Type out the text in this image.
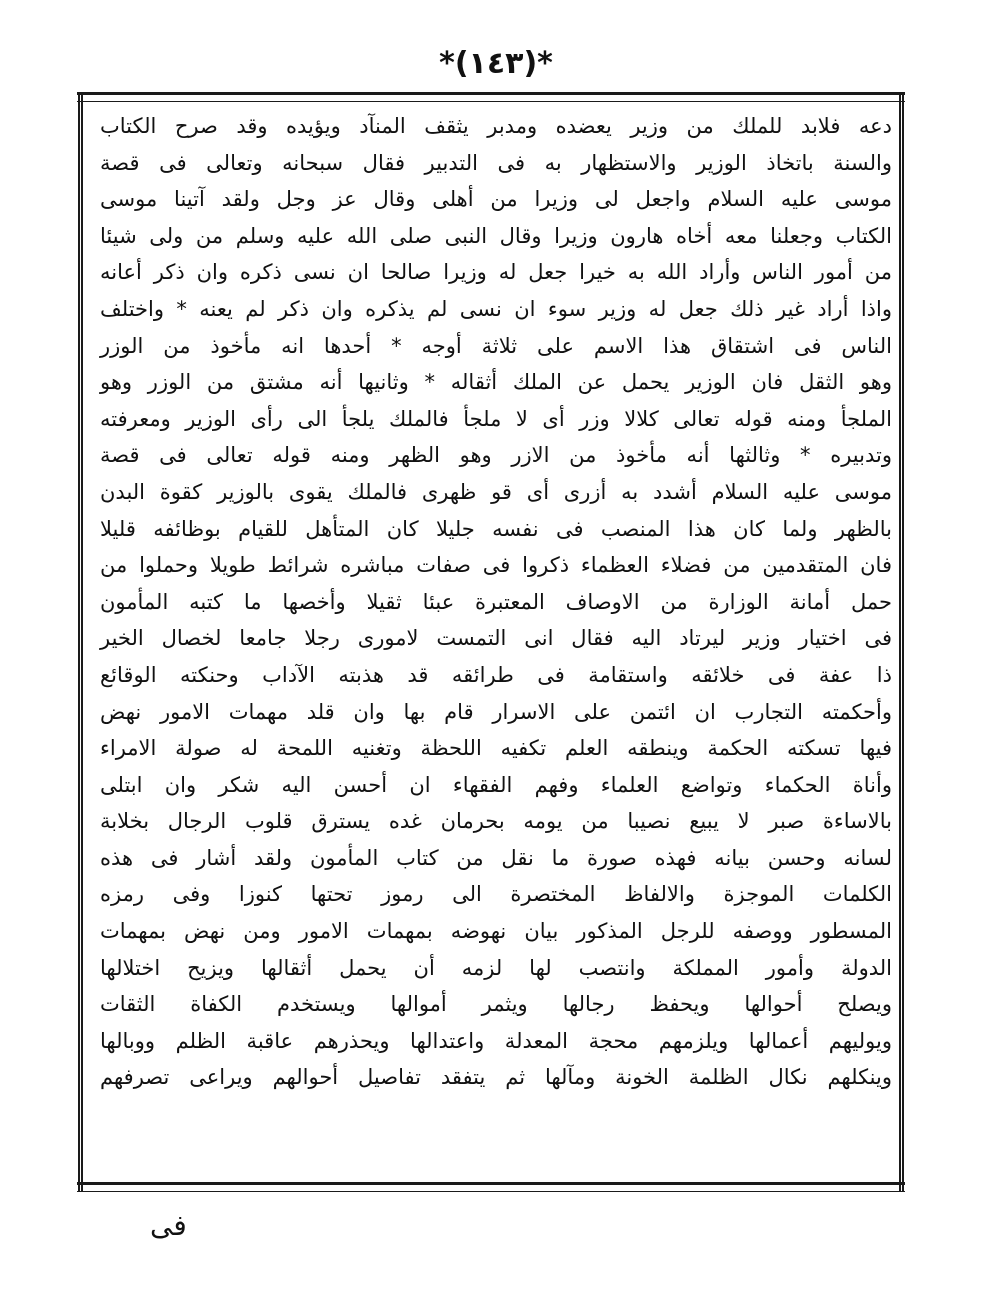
*(١٤٣)*
دعه فلابد للملك من وزير يعضده ومدبر يثقف المنآد ويؤيده وقد صرح الكتاب
والسنة باتخاذ الوزير والاستظهار به فى التدبير فقال سبحانه وتعالى فى قصة
موسى عليه السلام واجعل لى وزيرا من أهلى وقال عز وجل ولقد آتينا موسى
الكتاب وجعلنا معه أخاه هارون وزيرا وقال النبى صلى الله عليه وسلم من ولى شيئا
من أمور الناس وأراد الله به خيرا جعل له وزيرا صالحا ان نسى ذكره وان ذكر أعانه
واذا أراد غير ذلك جعل له وزير سوء ان نسى لم يذكره وان ذكر لم يعنه * واختلف
الناس فى اشتقاق هذا الاسم على ثلاثة أوجه * أحدها انه مأخوذ من الوزر
وهو الثقل فان الوزير يحمل عن الملك أثقاله * وثانيها أنه مشتق من الوزر وهو
الملجأ ومنه قوله تعالى كلالا وزر أى لا ملجأ فالملك يلجأ الى رأى الوزير ومعرفته
وتدبيره * وثالثها أنه مأخوذ من الازر وهو الظهر ومنه قوله تعالى فى قصة
موسى عليه السلام أشدد به أزرى أى قو ظهرى فالملك يقوى بالوزير كقوة البدن
بالظهر ولما كان هذا المنصب فى نفسه جليلا كان المتأهل للقيام بوظائفه قليلا
فان المتقدمين من فضلاء العظماء ذكروا فى صفات مباشره شرائط طويلا وحملوا من
حمل أمانة الوزارة من الاوصاف المعتبرة عبئا ثقيلا وأخصها ما كتبه المأمون
فى اختيار وزير ليرتاد اليه فقال انى التمست لامورى رجلا جامعا لخصال الخير
ذا عفة فى خلائقه واستقامة فى طرائقه قد هذبته الآداب وحنكته الوقائع
وأحكمته التجارب ان ائتمن على الاسرار قام بها وان قلد مهمات الامور نهض
فيها تسكته الحكمة وينطقه العلم تكفيه اللحظة وتغنيه اللمحة له صولة الامراء
وأناة الحكماء وتواضع العلماء وفهم الفقهاء ان أحسن اليه شكر وان ابتلى
بالاساءة صبر لا يبيع نصيبا من يومه بحرمان غده يسترق قلوب الرجال بخلابة
لسانه وحسن بيانه فهذه صورة ما نقل من كتاب المأمون ولقد أشار فى هذه
الكلمات الموجزة والالفاظ المختصرة الى رموز تحتها كنوزا وفى رمزه
المسطور ووصفه للرجل المذكور بيان نهوضه بمهمات الامور ومن نهض بمهمات
الدولة وأمور المملكة وانتصب لها لزمه أن يحمل أثقالها ويزيح اختلالها
ويصلح أحوالها ويحفظ رجالها ويثمر أموالها ويستخدم الكفاة الثقات
ويوليهم أعمالها ويلزمهم محجة المعدلة واعتدالها ويحذرهم عاقبة الظلم ووبالها
وينكلهم نكال الظلمة الخونة ومآلها ثم يتفقد تفاصيل أحوالهم ويراعى تصرفهم
فى
